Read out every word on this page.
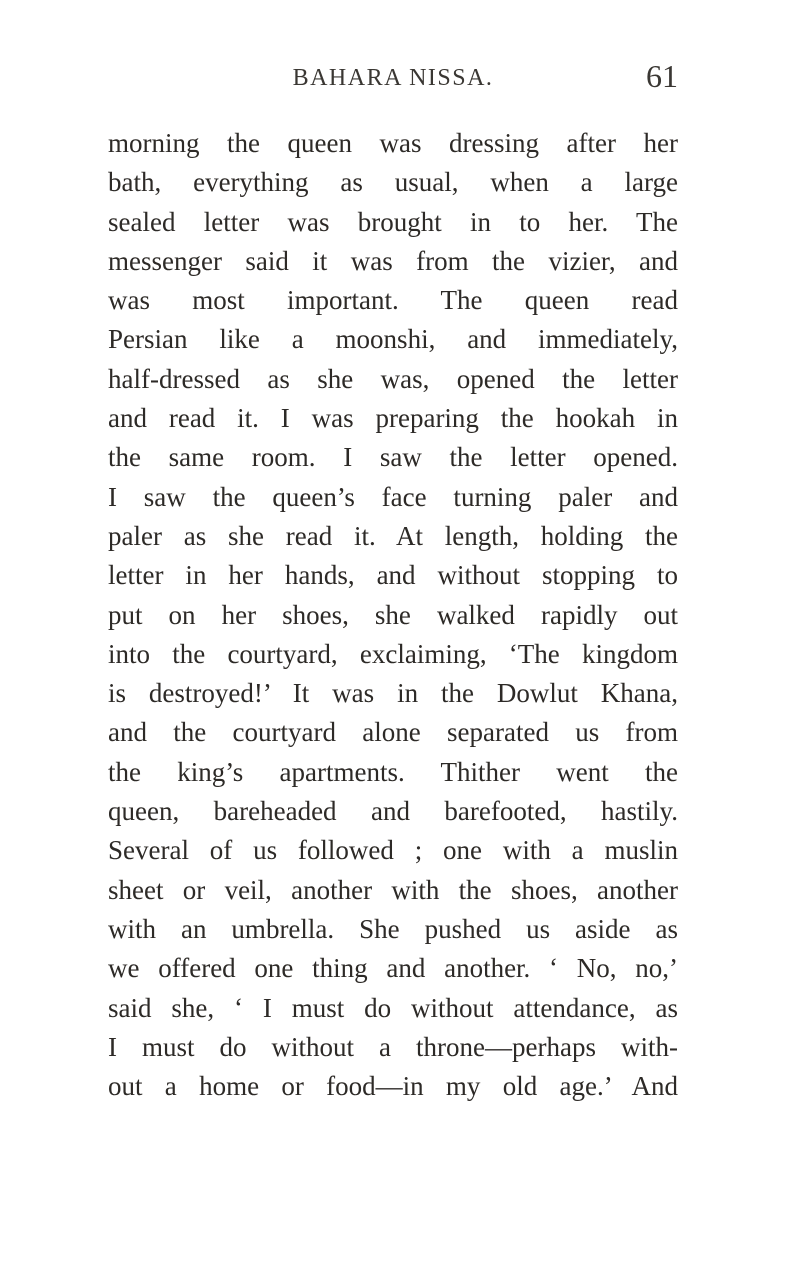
BAHARA NISSA.	61
morning the queen was dressing after her
bath, everything as usual, when a large
sealed letter was brought in to her. The
messenger said it was from the vizier, and
was most important. The queen read
Persian like a moonshi, and immediately,
half-dressed as she was, opened the letter
and read it. I was preparing the hookah in
the same room. I saw the letter opened.
I saw the queen’s face turning paler and
paler as she read it. At length, holding the
letter in her hands, and without stopping to
put on her shoes, she walked rapidly out
into the courtyard, exclaiming, ‘The kingdom
is destroyed!’ It was in the Dowlut Khana,
and the courtyard alone separated us from
the king’s apartments. Thither went the
queen, bareheaded and barefooted, hastily.
Several of us followed ; one with a muslin
sheet or veil, another with the shoes, another
with an umbrella. She pushed us aside as
we offered one thing and another. ‘ No, no,’
said she, ‘ I must do without attendance, as
I must do without a throne—perhaps with-
out a home or food—in my old age.’ And
